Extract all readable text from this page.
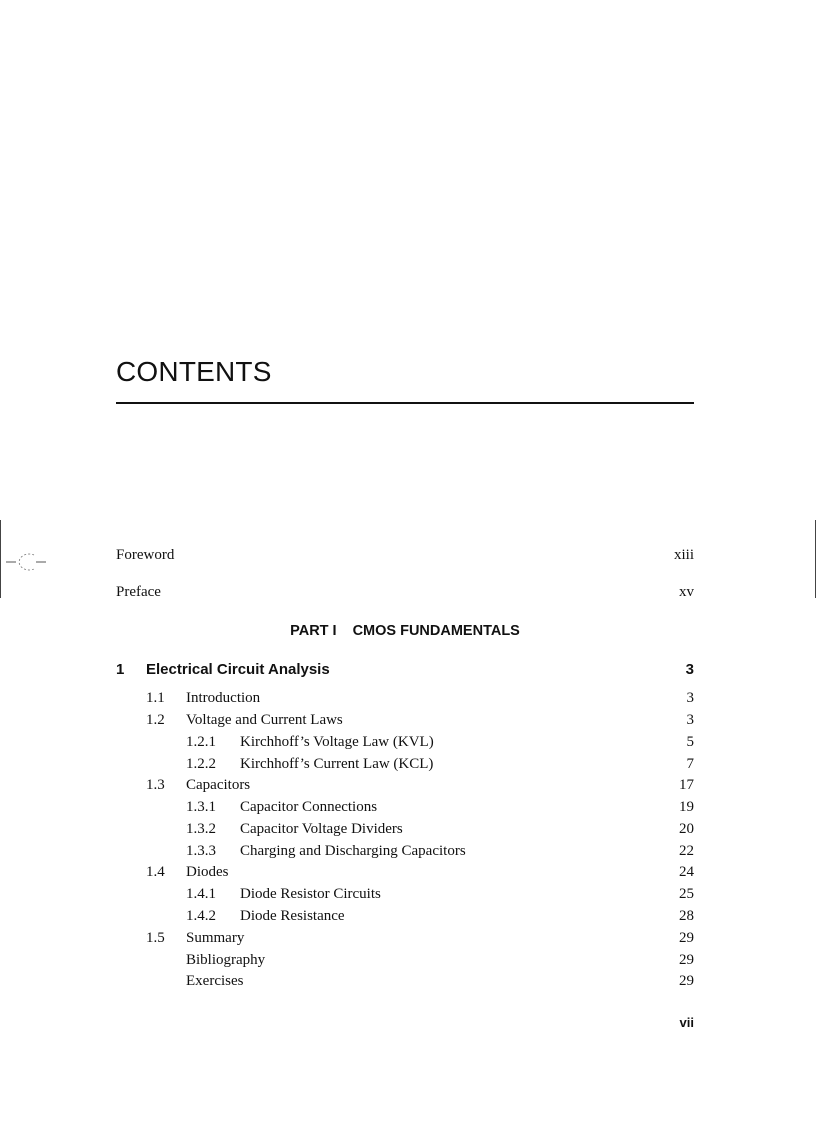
CONTENTS
Foreword	xiii
Preface	xv
PART I CMOS FUNDAMENTALS
1 Electrical Circuit Analysis	3
1.1 Introduction	3
1.2 Voltage and Current Laws	3
1.2.1 Kirchhoff’s Voltage Law (KVL)	5
1.2.2 Kirchhoff’s Current Law (KCL)	7
1.3 Capacitors	17
1.3.1 Capacitor Connections	19
1.3.2 Capacitor Voltage Dividers	20
1.3.3 Charging and Discharging Capacitors	22
1.4 Diodes	24
1.4.1 Diode Resistor Circuits	25
1.4.2 Diode Resistance	28
1.5 Summary	29
Bibliography	29
Exercises	29
vii
